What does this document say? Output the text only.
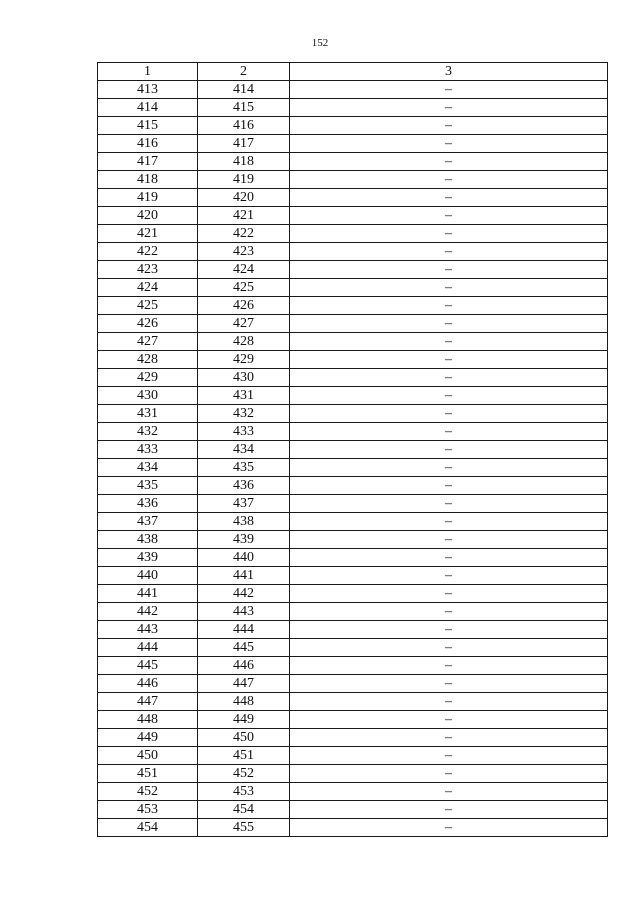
152
1	2	3
413	414	–
414	415	–
415	416	–
416	417	–
417	418	–
418	419	–
419	420	–
420	421	–
421	422	–
422	423	–
423	424	–
424	425	–
425	426	–
426	427	–
427	428	–
428	429	–
429	430	–
430	431	–
431	432	–
432	433	–
433	434	–
434	435	–
435	436	–
436	437	–
437	438	–
438	439	–
439	440	–
440	441	–
441	442	–
442	443	–
443	444	–
444	445	–
445	446	–
446	447	–
447	448	–
448	449	–
449	450	–
450	451	–
451	452	–
452	453	–
453	454	–
454	455	–
